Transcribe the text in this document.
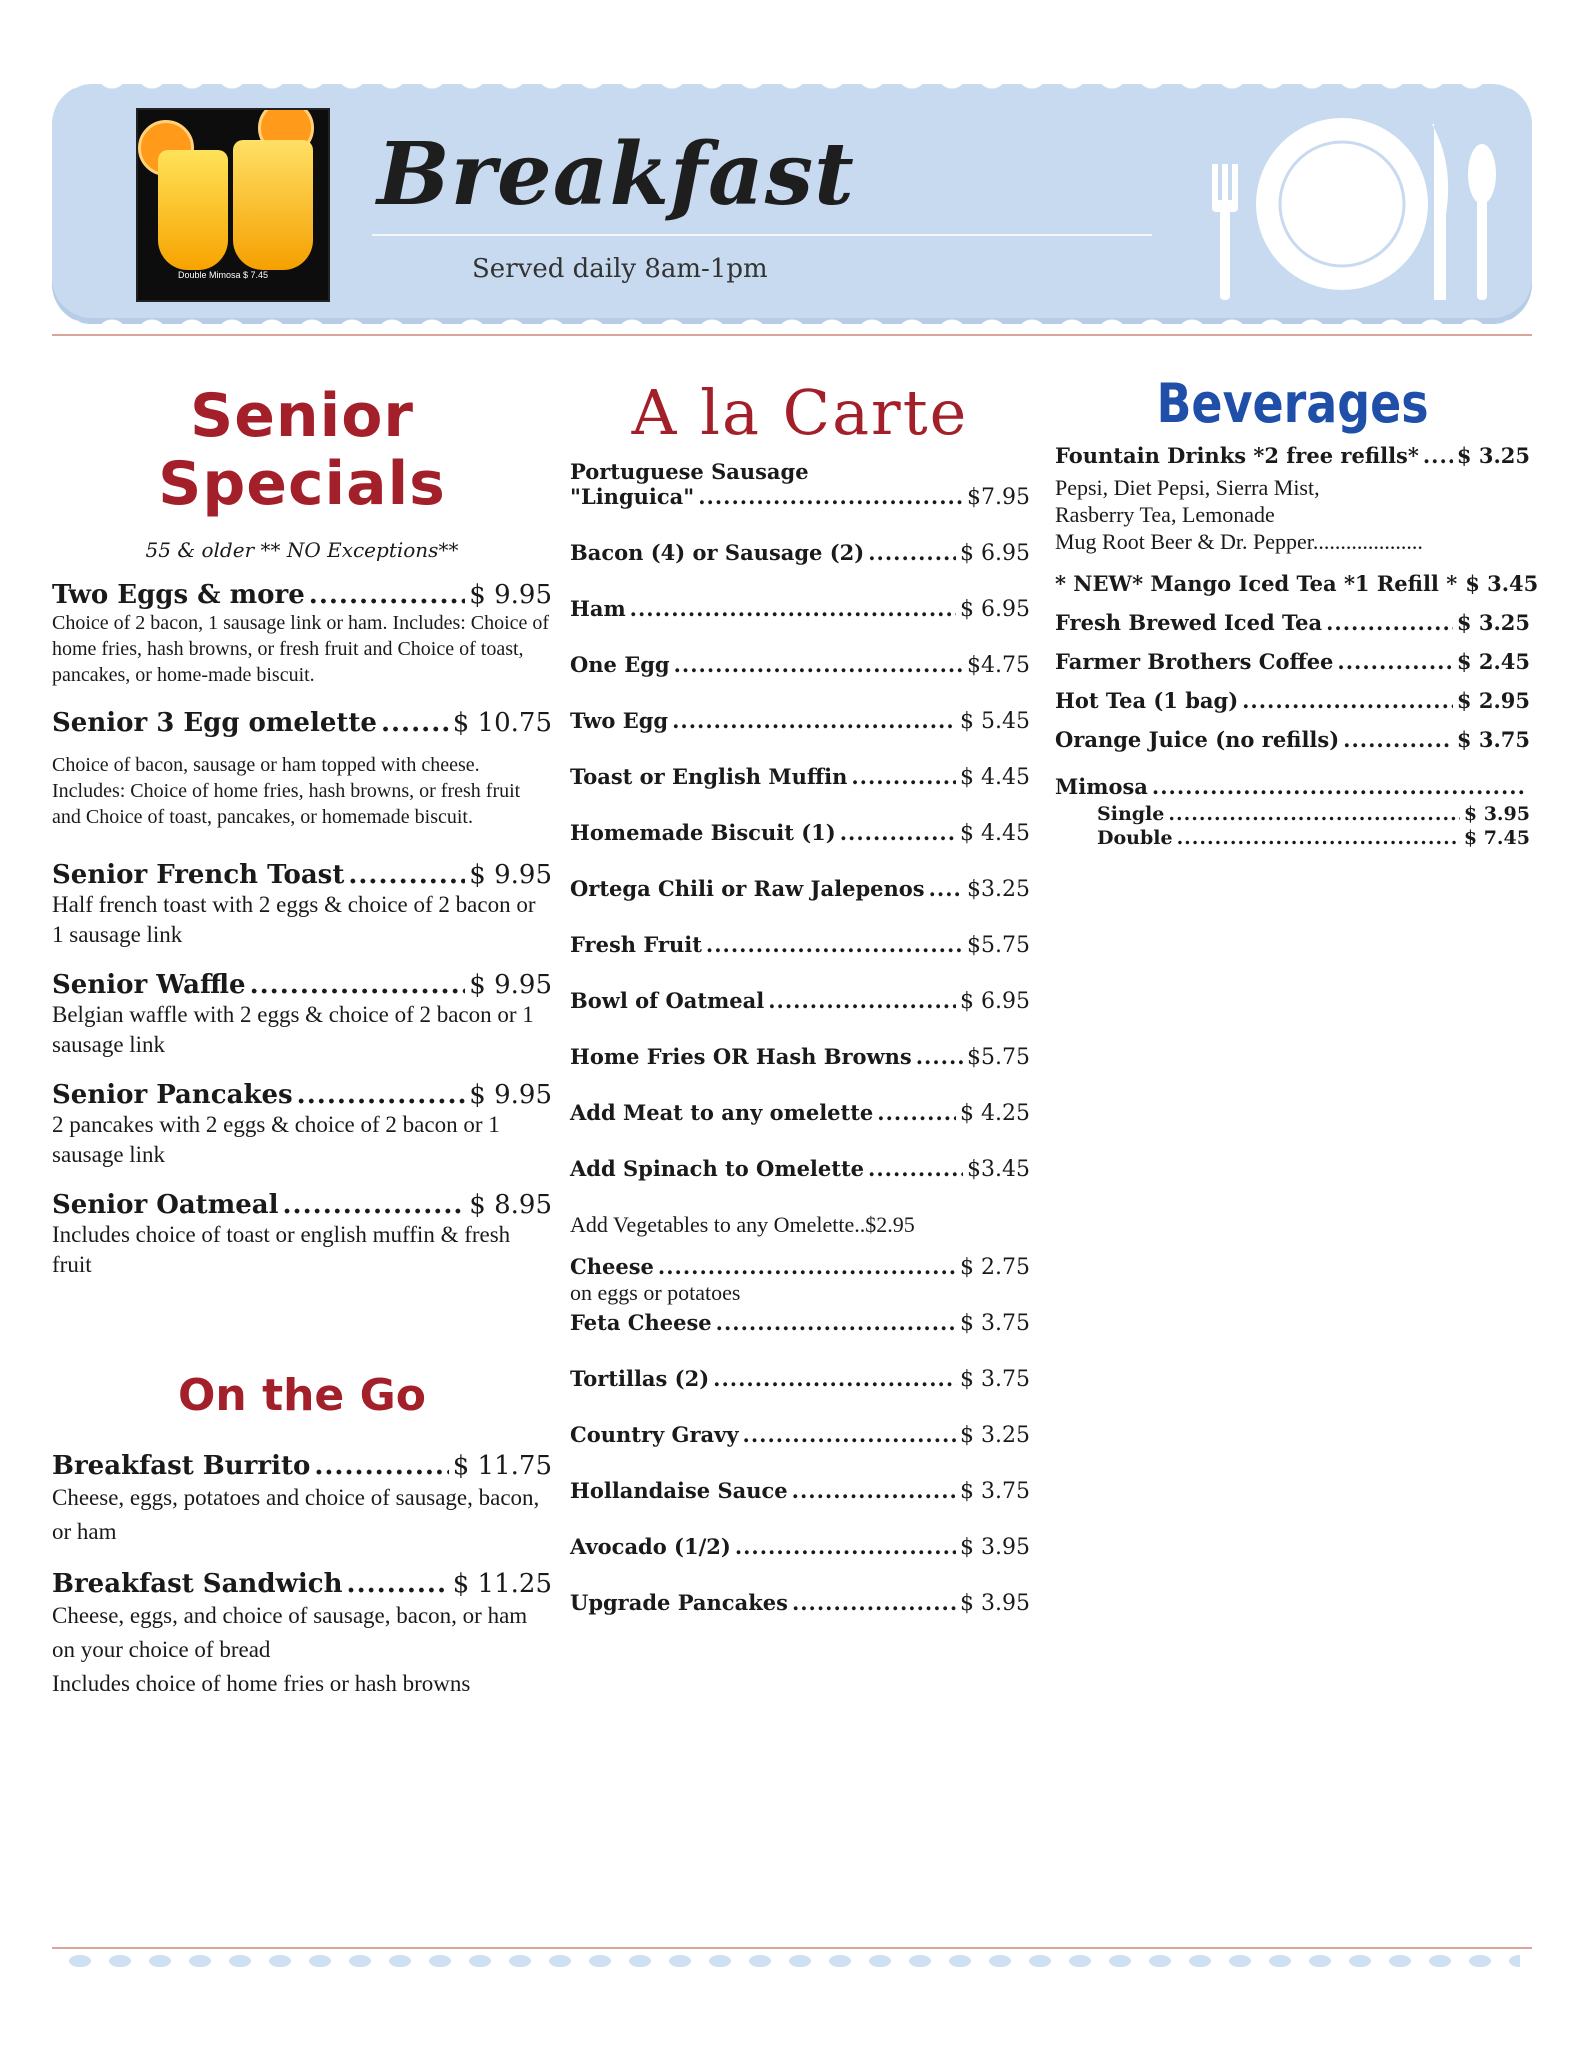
Double Mimosa $ 7.45
Breakfast
Served daily 8am-1pm
Senior
Specials
55 & older ** NO Exceptions**
Two Eggs & more .....	$ 9.95
Choice of 2 bacon, 1 sausage link or ham. Includes: Choice of home fries, hash browns, or fresh fruit and Choice of toast, pancakes, or home-made biscuit.
Senior 3 Egg omelette .....	$ 10.75
Choice of bacon, sausage or ham topped with cheese. Includes: Choice of home fries, hash browns, or fresh fruit and Choice of toast, pancakes, or homemade biscuit.
Senior French Toast .....	$ 9.95
Half french toast with 2 eggs & choice of 2 bacon or 1 sausage link
Senior Waffle .....	$ 9.95
Belgian waffle with 2 eggs & choice of 2 bacon or 1 sausage link
Senior Pancakes .....	$ 9.95
2 pancakes with 2 eggs & choice of 2 bacon or 1 sausage link
Senior Oatmeal .....	$ 8.95
Includes choice of toast or english muffin & fresh fruit
On the Go
Breakfast Burrito .....	$ 11.75
Cheese, eggs, potatoes and choice of sausage, bacon, or ham
Breakfast Sandwich .....	$ 11.25
Cheese, eggs, and choice of sausage, bacon, or ham on your choice of bread
Includes choice of home fries or hash browns
A la Carte
Portuguese Sausage
"Linguica" .....	$7.95
Bacon (4) or Sausage (2) .....	$ 6.95
Ham .....	$ 6.95
One Egg .....	$4.75
Two Egg .....	$ 5.45
Toast or English Muffin .....	$ 4.45
Homemade Biscuit (1) .....	$ 4.45
Ortega Chili or Raw Jalepenos ..... $3.25
Fresh Fruit .....	$5.75
Bowl of Oatmeal .....	$ 6.95
Home Fries OR Hash Browns .....	$5.75
Add Meat to any omelette .....	$ 4.25
Add Spinach to Omelette .....	$3.45
Add Vegetables to any Omelette..$2.95
Cheese .....	$ 2.75
on eggs or potatoes
Feta Cheese .....	$ 3.75
Tortillas (2) .....	$ 3.75
Country Gravy .....	$ 3.25
Hollandaise Sauce .....	$ 3.75
Avocado (1/2) .....	$ 3.95
Upgrade Pancakes .....	$ 3.95
Beverages
Fountain Drinks *2 free refills* ..... $ 3.25
Pepsi, Diet Pepsi, Sierra Mist,
Rasberry Tea, Lemonade
Mug Root Beer & Dr. Pepper....................
* NEW* Mango Iced Tea *1 Refill * $ 3.45
Fresh Brewed Iced Tea .....	$ 3.25
Farmer Brothers Coffee .....	$ 2.45
Hot Tea (1 bag) .....	$ 2.95
Orange Juice (no refills) .....	$ 3.75
Mimosa
.....
Single .....	$ 3.95
Double .....	$ 7.45
